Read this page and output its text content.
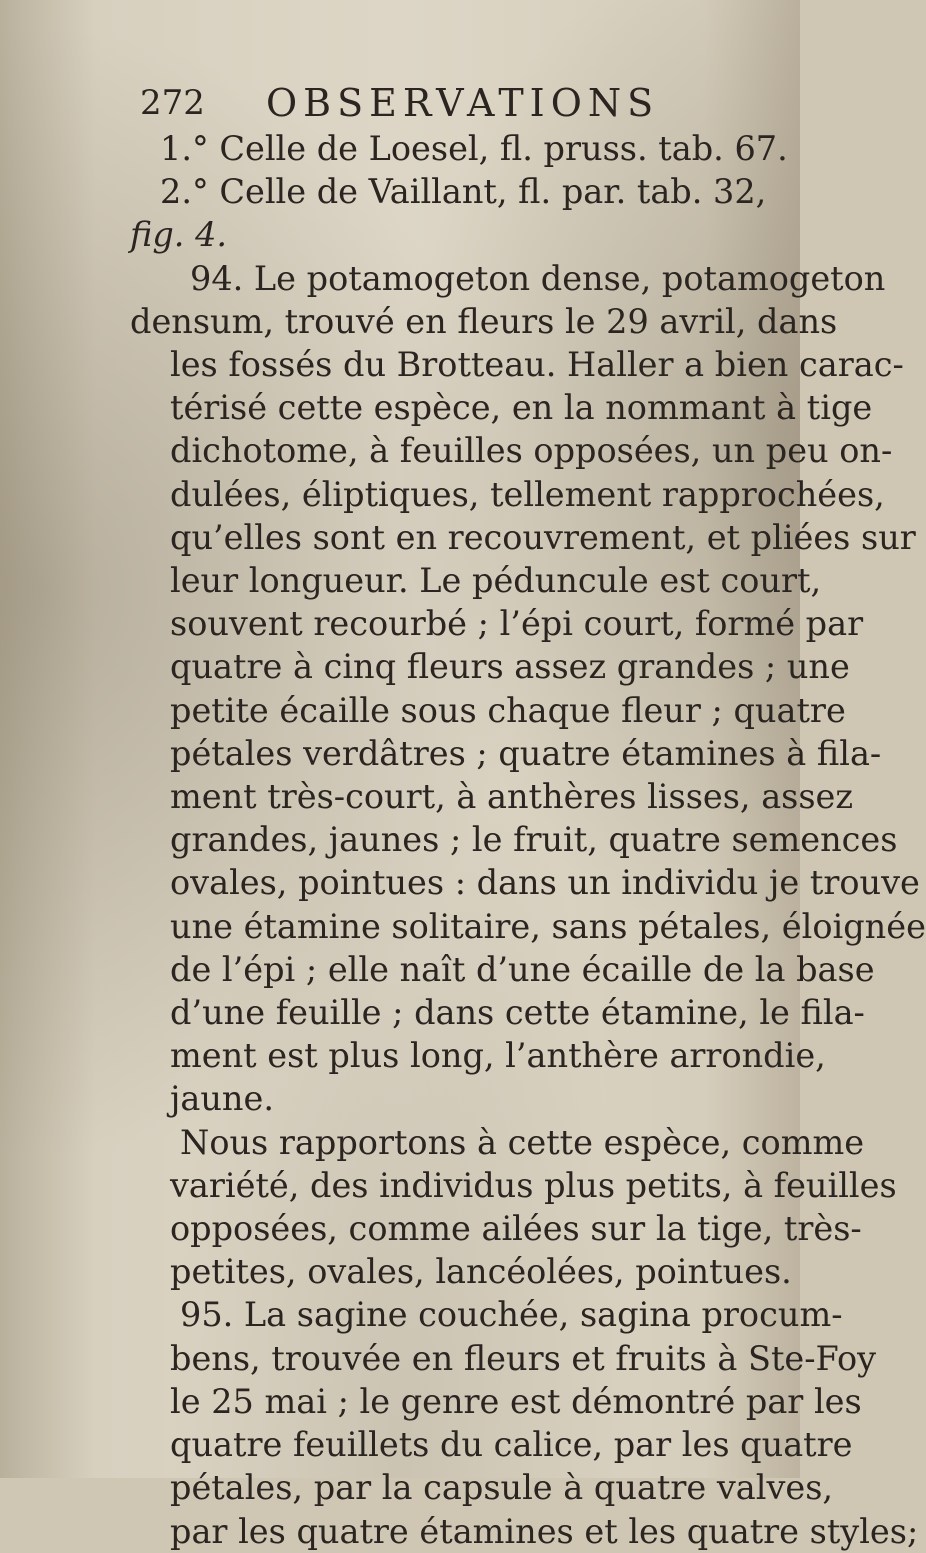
272 OBSERVATIONS
1.° Celle de Loesel, fl. pruss. tab. 67.
2.° Celle de Vaillant, fl. par. tab. 32,
fig. 4.
94. Le potamogeton dense, potamogeton
densum, trouvé en fleurs le 29 avril, dans
les fossés du Brotteau. Haller a bien carac-
térisé cette espèce, en la nommant à tige
dichotome, à feuilles opposées, un peu on-
dulées, éliptiques, tellement rapprochées,
qu’elles sont en recouvrement, et pliées sur
leur longueur. Le péduncule est court,
souvent recourbé ; l’épi court, formé par
quatre à cinq fleurs assez grandes ; une
petite écaille sous chaque fleur ; quatre
pétales verdâtres ; quatre étamines à fila-
ment très-court, à anthères lisses, assez
grandes, jaunes ; le fruit, quatre semences
ovales, pointues : dans un individu je trouve
une étamine solitaire, sans pétales, éloignée
de l’épi ; elle naît d’une écaille de la base
d’une feuille ; dans cette étamine, le fila-
ment est plus long, l’anthère arrondie,
jaune.
Nous rapportons à cette espèce, comme
variété, des individus plus petits, à feuilles
opposées, comme ailées sur la tige, très-
petites, ovales, lancéolées, pointues.
95. La sagine couchée, sagina procum-
bens, trouvée en fleurs et fruits à Ste-Foy
le 25 mai ; le genre est démontré par les
quatre feuillets du calice, par les quatre
pétales, par la capsule à quatre valves,
par les quatre étamines et les quatre styles;
